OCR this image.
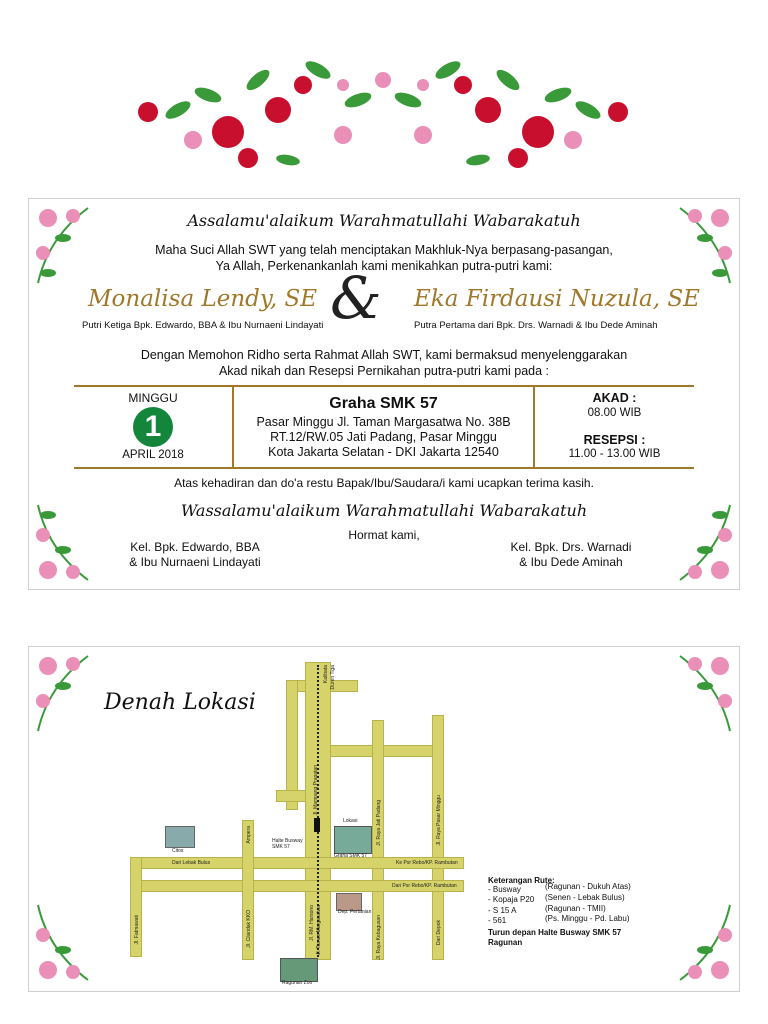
Assalamu'alaikum Warahmatullahi Wabarakatuh
Maha Suci Allah SWT yang telah menciptakan Makhluk-Nya berpasang-pasangan,
Ya Allah, Perkenankanlah kami menikahkan putra-putri kami:
Monalisa Lendy, SE
Putri Ketiga Bpk. Edwardo, BBA & Ibu Nurnaeni Lindayati & Eka Firdausi Nuzula, SE
Putra Pertama dari Bpk. Drs. Warnadi & Ibu Dede Aminah
Dengan Memohon Ridho serta Rahmat Allah SWT, kami bermaksud menyelenggarakan
Akad nikah dan Resepsi Pernikahan putra-putri kami pada :
MINGGU
1
APRIL 2018
Graha SMK 57
Pasar Minggu Jl. Taman Margasatwa No. 38B
RT.12/RW.05 Jati Padang, Pasar Minggu
Kota Jakarta Selatan - DKI Jakarta 12540
AKAD :
08.00 WIB
RESEPSI :
11.00 - 13.00 WIB
Atas kehadiran dan do'a restu Bapak/Ibu/Saudara/i kami ucapkan terima kasih.
Wassalamu'alaikum Warahmatullahi Wabarakatuh
Hormat kami,
Kel. Bpk. Edwardo, BBA
& Ibu Nurnaeni Lindayati
Kel. Bpk. Drs. Warnadi
& Ibu Dede Aminah
Denah Lokasi
Kalibata Duren Tiga
Jl. Mampang Prapatan
Ampera
Citos
Halte Busway SMK 57
Lokasi
Graha SMK 57
Dari Lebak Bulus	Ke Psr Rebo/KP. Rambutan
Dari Psr Rebo/KP. Rambutan
Jl. Raya Jati Padang	Jl. Raya Pasar Minggu
Dep. Pertanian
Jl. Fatmawati	Jl. Cilandak KKO	Jl. RM. Harsono Jl. Taman Margasatwa	Jl. Raya Kebagusan	Dari Depok
Ragunan Zoo
Keterangan Rute:
- Busway	(Ragunan - Dukuh Atas)
- Kopaja P20 (Senen - Lebak Bulus)
- S 15 A	(Ragunan - TMII)
- 561	(Ps. Minggu - Pd. Labu)
Turun depan Halte Busway SMK 57
Ragunan
